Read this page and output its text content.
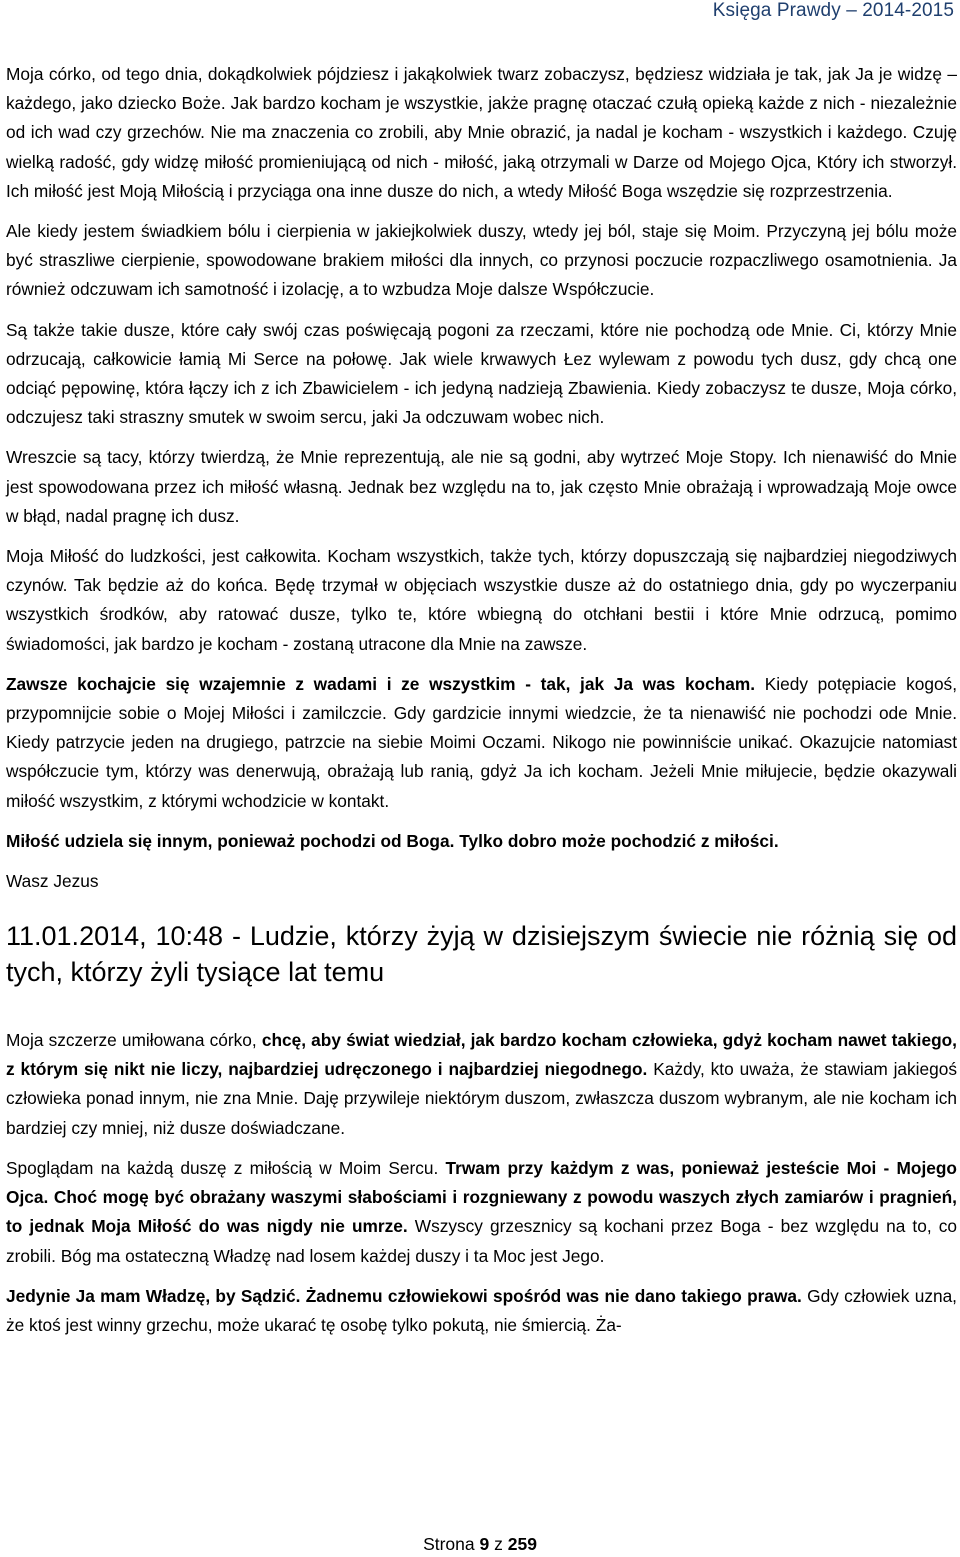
Księga Prawdy – 2014-2015

Moja córko, od tego dnia, dokądkolwiek pójdziesz i jakąkolwiek twarz zobaczysz, będziesz widziała je tak, jak Ja je widzę – każdego, jako dziecko Boże. Jak bardzo kocham je wszystkie, jakże pragnę otaczać czułą opieką każde z nich - niezależnie od ich wad czy grzechów. Nie ma znaczenia co zrobili, aby Mnie obrazić, ja nadal je kocham - wszystkich i każdego. Czuję wielką radość, gdy widzę miłość promieniującą od nich - miłość, jaką otrzymali w Darze od Mojego Ojca, Który ich stworzył. Ich miłość jest Moją Miłością i przyciąga ona inne dusze do nich, a wtedy Miłość Boga wszędzie się rozprzestrzenia.

Ale kiedy jestem świadkiem bólu i cierpienia w jakiejkolwiek duszy, wtedy jej ból, staje się Moim. Przyczyną jej bólu może być straszliwe cierpienie, spowodowane brakiem miłości dla innych, co przynosi poczucie rozpaczliwego osamotnienia. Ja również odczuwam ich samotność i izolację, a to wzbudza Moje dalsze Współczucie.

Są także takie dusze, które cały swój czas poświęcają pogoni za rzeczami, które nie pochodzą ode Mnie. Ci, którzy Mnie odrzucają, całkowicie łamią Mi Serce na połowę. Jak wiele krwawych Łez wylewam z powodu tych dusz, gdy chcą one odciąć pępowinę, która łączy ich z ich Zbawicielem - ich jedyną nadzieją Zbawienia. Kiedy zobaczysz te dusze, Moja córko, odczujesz taki straszny smutek w swoim sercu, jaki Ja odczuwam wobec nich.

Wreszcie są tacy, którzy twierdzą, że Mnie reprezentują, ale nie są godni, aby wytrzeć Moje Stopy. Ich nienawiść do Mnie jest spowodowana przez ich miłość własną. Jednak bez względu na to, jak często Mnie obrażają i wprowadzają Moje owce w błąd, nadal pragnę ich dusz.

Moja Miłość do ludzkości, jest całkowita. Kocham wszystkich, także tych, którzy dopuszczają się najbardziej niegodziwych czynów. Tak będzie aż do końca. Będę trzymał w objęciach wszystkie dusze aż do ostatniego dnia, gdy po wyczerpaniu wszystkich środków, aby ratować dusze, tylko te, które wbiegną do otchłani bestii i które Mnie odrzucą, pomimo świadomości, jak bardzo je kocham - zostaną utracone dla Mnie na zawsze.

Zawsze kochajcie się wzajemnie z wadami i ze wszystkim - tak, jak Ja was kocham. Kiedy potępiacie kogoś, przypomnijcie sobie o Mojej Miłości i zamilczcie. Gdy gardzicie innymi wiedzcie, że ta nienawiść nie pochodzi ode Mnie. Kiedy patrzycie jeden na drugiego, patrzcie na siebie Moimi Oczami. Nikogo nie powinniście unikać. Okazujcie natomiast współczucie tym, którzy was denerwują, obrażają lub ranią, gdyż Ja ich kocham. Jeżeli Mnie miłujecie, będzie okazywali miłość wszystkim, z którymi wchodzicie w kontakt.

Miłość udziela się innym, ponieważ pochodzi od Boga. Tylko dobro może pochodzić z miłości.

Wasz Jezus

11.01.2014, 10:48 - Ludzie, którzy żyją w dzisiejszym świecie nie różnią się od tych, którzy żyli tysiące lat temu

Moja szczerze umiłowana córko, chcę, aby świat wiedział, jak bardzo kocham człowieka, gdyż kocham nawet takiego, z którym się nikt nie liczy, najbardziej udręczonego i najbardziej niegodnego. Każdy, kto uważa, że stawiam jakiegoś człowieka ponad innym, nie zna Mnie. Daję przywileje niektórym duszom, zwłaszcza duszom wybranym, ale nie kocham ich bardziej czy mniej, niż dusze doświadczane.

Spoglądam na każdą duszę z miłością w Moim Sercu. Trwam przy każdym z was, ponieważ jesteście Moi - Mojego Ojca. Choć mogę być obrażany waszymi słabościami i rozgniewany z powodu waszych złych zamiarów i pragnień, to jednak Moja Miłość do was nigdy nie umrze. Wszyscy grzesznicy są kochani przez Boga - bez względu na to, co zrobili. Bóg ma ostateczną Władzę nad losem każdej duszy i ta Moc jest Jego.

Jedynie Ja mam Władzę, by Sądzić. Żadnemu człowiekowi spośród was nie dano takiego prawa. Gdy człowiek uzna, że ktoś jest winny grzechu, może ukarać tę osobę tylko pokutą, nie śmiercią. Ża-

Strona 9 z 259
